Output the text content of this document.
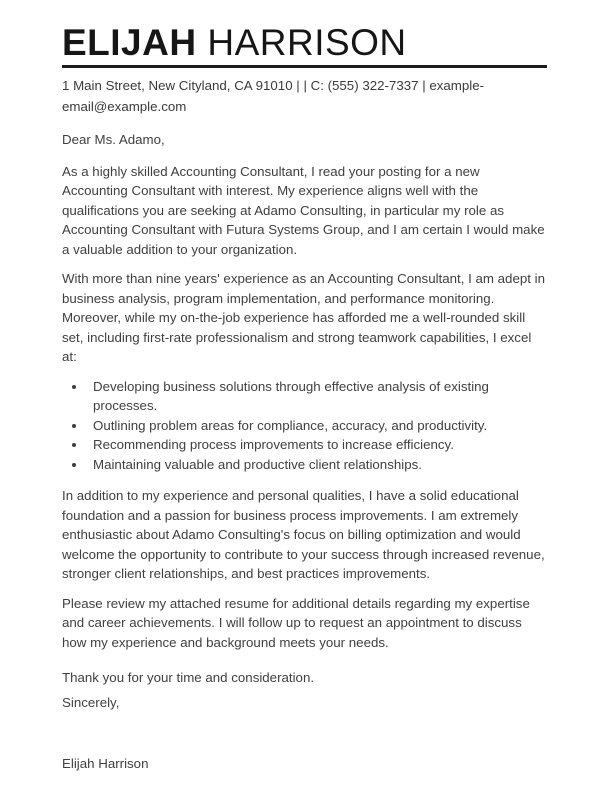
ELIJAH HARRISON
1 Main Street, New Cityland, CA 91010 | | C: (555) 322-7337 | example-
email@example.com

Dear Ms. Adamo,

As a highly skilled Accounting Consultant, I read your posting for a new Accounting Consultant with interest. My experience aligns well with the qualifications you are seeking at Adamo Consulting, in particular my role as Accounting Consultant with Futura Systems Group, and I am certain I would make a valuable addition to your organization.

With more than nine years' experience as an Accounting Consultant, I am adept in business analysis, program implementation, and performance monitoring. Moreover, while my on-the-job experience has afforded me a well-rounded skill set, including first-rate professionalism and strong teamwork capabilities, I excel at:

• Developing business solutions through effective analysis of existing processes.
• Outlining problem areas for compliance, accuracy, and productivity.
• Recommending process improvements to increase efficiency.
• Maintaining valuable and productive client relationships.

In addition to my experience and personal qualities, I have a solid educational foundation and a passion for business process improvements. I am extremely enthusiastic about Adamo Consulting's focus on billing optimization and would welcome the opportunity to contribute to your success through increased revenue, stronger client relationships, and best practices improvements.

Please review my attached resume for additional details regarding my expertise and career achievements. I will follow up to request an appointment to discuss how my experience and background meets your needs.

Thank you for your time and consideration.

Sincerely,

Elijah Harrison
